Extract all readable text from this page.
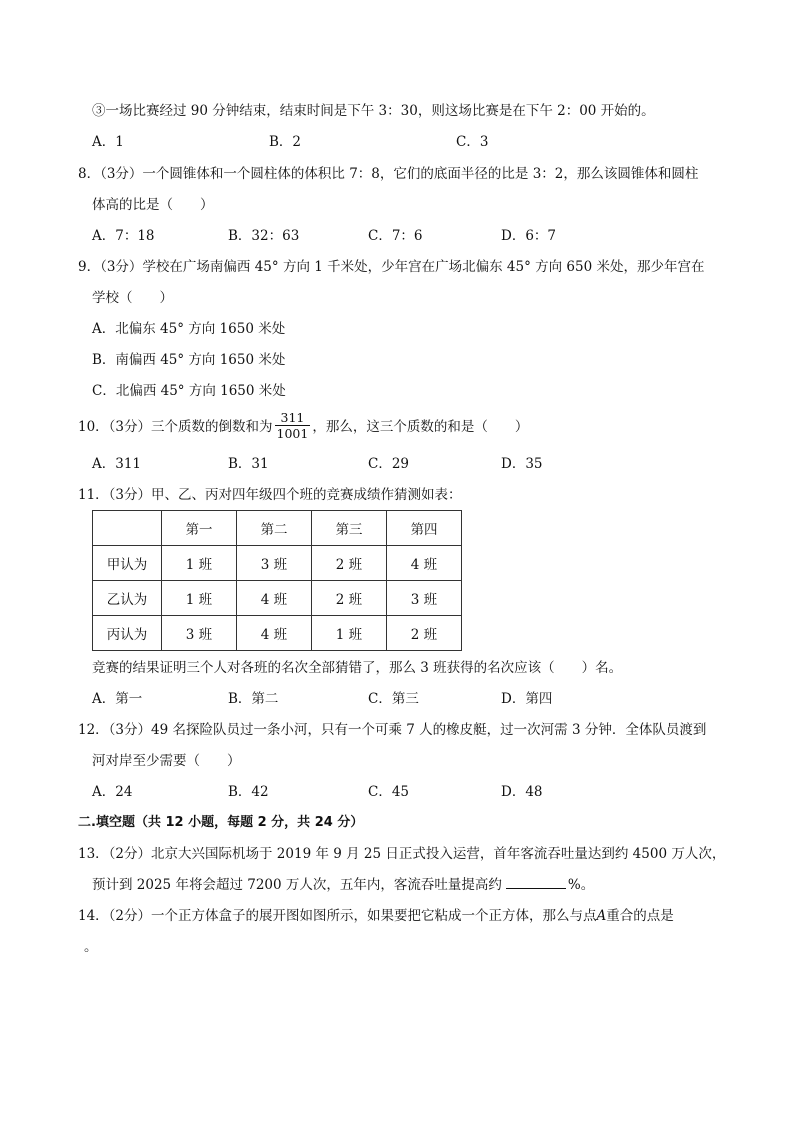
③一场比赛经过 90 分钟结束，结束时间是下午 3：30，则这场比赛是在下午 2：00 开始的。
A．1	B．2	C．3
8．（3分）一个圆锥体和一个圆柱体的体积比 7：8，它们的底面半径的比是 3：2，那么该圆锥体和圆柱
体高的比是（　　）
A．7：18	B．32：63	C．7：6	D．6：7
9．（3分）学校在广场南偏西 45° 方向 1 千米处，少年宫在广场北偏东 45° 方向 650 米处，那少年宫在
学校（　　）
A．北偏东 45° 方向 1650 米处
B．南偏西 45° 方向 1650 米处
C．北偏西 45° 方向 1650 米处
10．（3分）三个质数的倒数和为 $\frac{311}{1001}$ ，那么，这三个质数的和是（　　）
A．311	B．31	C．29	D．35
11．（3分）甲、乙、丙对四年级四个班的竞赛成绩作猜测如表：
	第一	第二	第三	第四
甲认为	1 班	3 班	2 班	4 班
乙认为	1 班	4 班	2 班	3 班
丙认为	3 班	4 班	1 班	2 班
竞赛的结果证明三个人对各班的名次全部猜错了，那么 3 班获得的名次应该（　　）名。
A．第一	B．第二	C．第三	D．第四
12．（3分）49 名探险队员过一条小河，只有一个可乘 7 人的橡皮艇，过一次河需 3 分钟．全体队员渡到
河对岸至少需要（　　）
A．24	B．42	C．45	D．48
二.填空题（共 12 小题，每题 2 分，共 24 分）
13．（2分）北京大兴国际机场于 2019 年 9 月 25 日正式投入运营，首年客流吞吐量达到约 4500 万人次，
预计到 2025 年将会超过 7200 万人次，五年内，客流吞吐量提高约	%。
14．（2分）一个正方体盒子的展开图如图所示，如果要把它粘成一个正方体，那么与点A重合的点是
。
